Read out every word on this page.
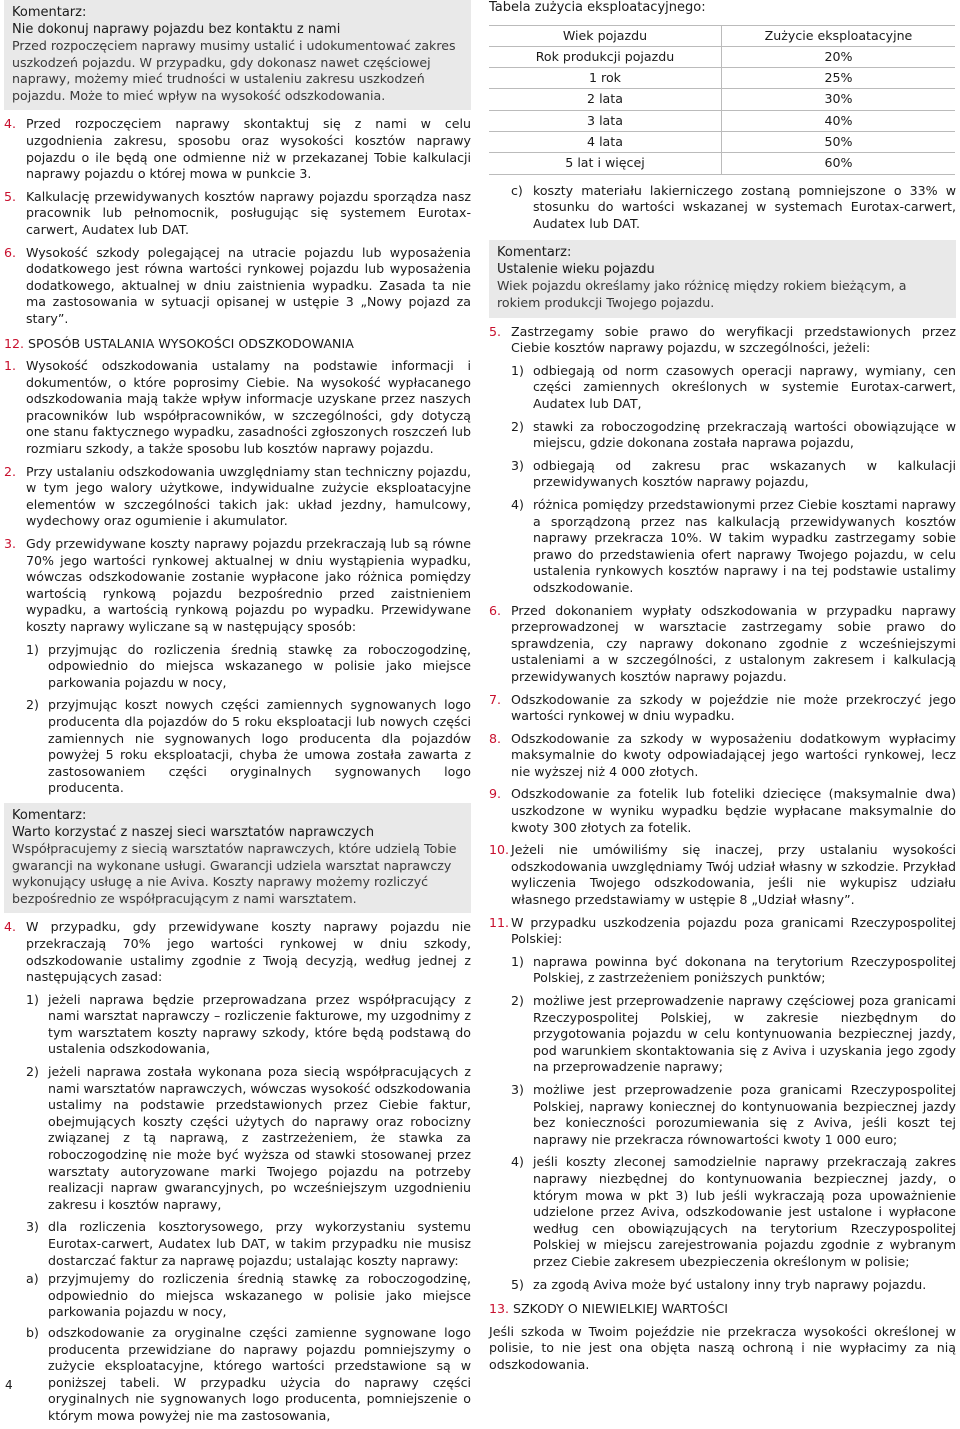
Komentarz:
Nie dokonuj naprawy pojazdu bez kontaktu z nami

Przed rozpoczęciem naprawy musimy ustalić i udokumentować zakres uszkodzeń pojazdu. W przypadku, gdy dokonasz nawet częściowej naprawy, możemy mieć trudności w ustaleniu zakresu uszkodzeń pojazdu. Może to mieć wpływ na wysokość odszkodowania.

4. Przed rozpoczęciem naprawy skontaktuj się z nami w celu uzgodnienia zakresu, sposobu oraz wysokości kosztów naprawy pojazdu o ile będą one odmienne niż w przekazanej Tobie kalkulacji naprawy pojazdu o której mowa w punkcie 3.
5. Kalkulację przewidywanych kosztów naprawy pojazdu sporządza nasz pracownik lub pełnomocnik, posługując się systemem Eurotax-carwert, Audatex lub DAT.
6. Wysokość szkody polegającej na utracie pojazdu lub wyposażenia dodatkowego jest równa wartości rynkowej pojazdu lub wyposażenia dodatkowego, aktualnej w dniu zaistnienia wypadku. Zasada ta nie ma zastosowania w sytuacji opisanej w ustępie 3 „Nowy pojazd za stary”.
12. SPOSÓB USTALANIA WYSOKOŚCI ODSZKODOWANIA
1. Wysokość odszkodowania ustalamy na podstawie informacji i dokumentów, o które poprosimy Ciebie. Na wysokość wypłacanego odszkodowania mają także wpływ informacje uzyskane przez naszych pracowników lub współpracowników, w szczególności, gdy dotyczą one stanu faktycznego wypadku, zasadności zgłoszonych roszczeń lub rozmiaru szkody, a także sposobu lub kosztów naprawy pojazdu.
2. Przy ustalaniu odszkodowania uwzględniamy stan techniczny pojazdu, w tym jego walory użytkowe, indywidualne zużycie eksploatacyjne elementów w szczególności takich jak: układ jezdny, hamulcowy, wydechowy oraz ogumienie i akumulator.
3. Gdy przewidywane koszty naprawy pojazdu przekraczają lub są równe 70% jego wartości rynkowej aktualnej w dniu wystąpienia wypadku, wówczas odszkodowanie zostanie wypłacone jako różnica pomiędzy wartością rynkową pojazdu bezpośrednio przed zaistnieniem wypadku, a wartością rynkową pojazdu po wypadku. Przewidywane koszty naprawy wyliczane są w następujący sposób:
1) przyjmując do rozliczenia średnią stawkę za roboczogodzinę, odpowiednio do miejsca wskazanego w polisie jako miejsce parkowania pojazdu w nocy,
2) przyjmując koszt nowych części zamiennych sygnowanych logo producenta dla pojazdów do 5 roku eksploatacji lub nowych części zamiennych nie sygnowanych logo producenta dla pojazdów powyżej 5 roku eksploatacji, chyba że umowa została zawarta z zastosowaniem części oryginalnych sygnowanych logo producenta.
Komentarz:
Warto korzystać z naszej sieci warsztatów naprawczych

Współpracujemy z siecią warsztatów naprawczych, które udzielą Tobie gwarancji na wykonane usługi. Gwarancji udziela warsztat naprawczy wykonujący usługę a nie Aviva. Koszty naprawy możemy rozliczyć bezpośrednio ze współpracującym z nami warsztatem.

4. W przypadku, gdy przewidywane koszty naprawy pojazdu nie przekraczają 70% jego wartości rynkowej w dniu szkody, odszkodowanie ustalimy zgodnie z Twoją decyzją, według jednej z następujących zasad:
1) jeżeli naprawa będzie przeprowadzana przez współpracujący z nami warsztat naprawczy – rozliczenie fakturowe, my uzgodnimy z tym warsztatem koszty naprawy szkody, które będą podstawą do ustalenia odszkodowania,
2) jeżeli naprawa została wykonana poza siecią współpracujących z nami warsztatów naprawczych, wówczas wysokość odszkodowania ustalimy na podstawie przedstawionych przez Ciebie faktur, obejmujących koszty części użytych do naprawy oraz robocizny związanej z tą naprawą, z zastrzeżeniem, że stawka za roboczogodzinę nie może być wyższa od stawki stosowanej przez warsztaty autoryzowane marki Twojego pojazdu na potrzeby realizacji napraw gwarancyjnych, po wcześniejszym uzgodnieniu zakresu i kosztów naprawy,
3) dla rozliczenia kosztorysowego, przy wykorzystaniu systemu Eurotax-carwert, Audatex lub DAT, w takim przypadku nie musisz dostarczać faktur za naprawę pojazdu; ustalając koszty naprawy:
a) przyjmujemy do rozliczenia średnią stawkę za roboczogodzinę, odpowiednio do miejsca wskazanego w polisie jako miejsce parkowania pojazdu w nocy,
b) odszkodowanie za oryginalne części zamienne sygnowane logo producenta przewidziane do naprawy pojazdu pomniejszymy o zużycie eksploatacyjne, którego wartości przedstawione są w poniższej tabeli. W przypadku użycia do naprawy części oryginalnych nie sygnowanych logo producenta, pomniejszenie o którym mowa powyżej nie ma zastosowania,
Tabela zużycia eksploatacyjnego:
Wiek pojazdu	Zużycie eksploatacyjne
Rok produkcji pojazdu	20%
1 rok	25%
2 lata	30%
3 lata	40%
4 lata	50%
5 lat i więcej	60%
c) koszty materiału lakierniczego zostaną pomniejszone o 33% w stosunku do wartości wskazanej w systemach Eurotax-carwert, Audatex lub DAT.
Komentarz:
Ustalenie wieku pojazdu

Wiek pojazdu określamy jako różnicę między rokiem bieżącym, a rokiem produkcji Twojego pojazdu.

5. Zastrzegamy sobie prawo do weryfikacji przedstawionych przez Ciebie kosztów naprawy pojazdu, w szczególności, jeżeli:
1) odbiegają od norm czasowych operacji naprawy, wymiany, cen części zamiennych określonych w systemie Eurotax-carwert, Audatex lub DAT,
2) stawki za roboczogodzinę przekraczają wartości obowiązujące w miejscu, gdzie dokonana została naprawa pojazdu,
3) odbiegają od zakresu prac wskazanych w kalkulacji przewidywanych kosztów naprawy pojazdu,
4) różnica pomiędzy przedstawionymi przez Ciebie kosztami naprawy a sporządzoną przez nas kalkulacją przewidywanych kosztów naprawy przekracza 10%. W takim wypadku zastrzegamy sobie prawo do przedstawienia ofert naprawy Twojego pojazdu, w celu ustalenia rynkowych kosztów naprawy i na tej podstawie ustalimy odszkodowanie.
6. Przed dokonaniem wypłaty odszkodowania w przypadku naprawy przeprowadzonej w warsztacie zastrzegamy sobie prawo do sprawdzenia, czy naprawy dokonano zgodnie z wcześniejszymi ustaleniami a w szczególności, z ustalonym zakresem i kalkulacją przewidywanych kosztów naprawy pojazdu.
7. Odszkodowanie za szkody w pojeździe nie może przekroczyć jego wartości rynkowej w dniu wypadku.
8. Odszkodowanie za szkody w wyposażeniu dodatkowym wypłacimy maksymalnie do kwoty odpowiadającej jego wartości rynkowej, lecz nie wyższej niż 4 000 złotych.
9. Odszkodowanie za fotelik lub foteliki dziecięce (maksymalnie dwa) uszkodzone w wyniku wypadku będzie wypłacane maksymalnie do kwoty 300 złotych za fotelik.
10. Jeżeli nie umówiliśmy się inaczej, przy ustalaniu wysokości odszkodowania uwzględniamy Twój udział własny w szkodzie. Przykład wyliczenia Twojego odszkodowania, jeśli nie wykupisz udziału własnego przedstawiamy w ustępie 8 „Udział własny”.
11. W przypadku uszkodzenia pojazdu poza granicami Rzeczypospolitej Polskiej:
1) naprawa powinna być dokonana na terytorium Rzeczypospolitej Polskiej, z zastrzeżeniem poniższych punktów;
2) możliwe jest przeprowadzenie naprawy częściowej poza granicami Rzeczypospolitej Polskiej, w zakresie niezbędnym do przygotowania pojazdu w celu kontynuowania bezpiecznej jazdy, pod warunkiem skontaktowania się z Aviva i uzyskania jego zgody na przeprowadzenie naprawy;
3) możliwe jest przeprowadzenie poza granicami Rzeczypospolitej Polskiej, naprawy koniecznej do kontynuowania bezpiecznej jazdy bez konieczności porozumiewania się z Aviva, jeśli koszt tej naprawy nie przekracza równowartości kwoty 1 000 euro;
4) jeśli koszty zleconej samodzielnie naprawy przekraczają zakres naprawy niezbędnej do kontynuowania bezpiecznej jazdy, o którym mowa w pkt 3) lub jeśli wykraczają poza upoważnienie udzielone przez Aviva, odszkodowanie jest ustalone i wypłacone według cen obowiązujących na terytorium Rzeczypospolitej Polskiej w miejscu zarejestrowania pojazdu zgodnie z wybranym przez Ciebie zakresem ubezpieczenia określonym w polisie;
5) za zgodą Aviva może być ustalony inny tryb naprawy pojazdu.
13. SZKODY O NIEWIELKIEJ WARTOŚCI
Jeśli szkoda w Twoim pojeździe nie przekracza wysokości określonej w polisie, to nie jest ona objęta naszą ochroną i nie wypłacimy za nią odszkodowania.
4
